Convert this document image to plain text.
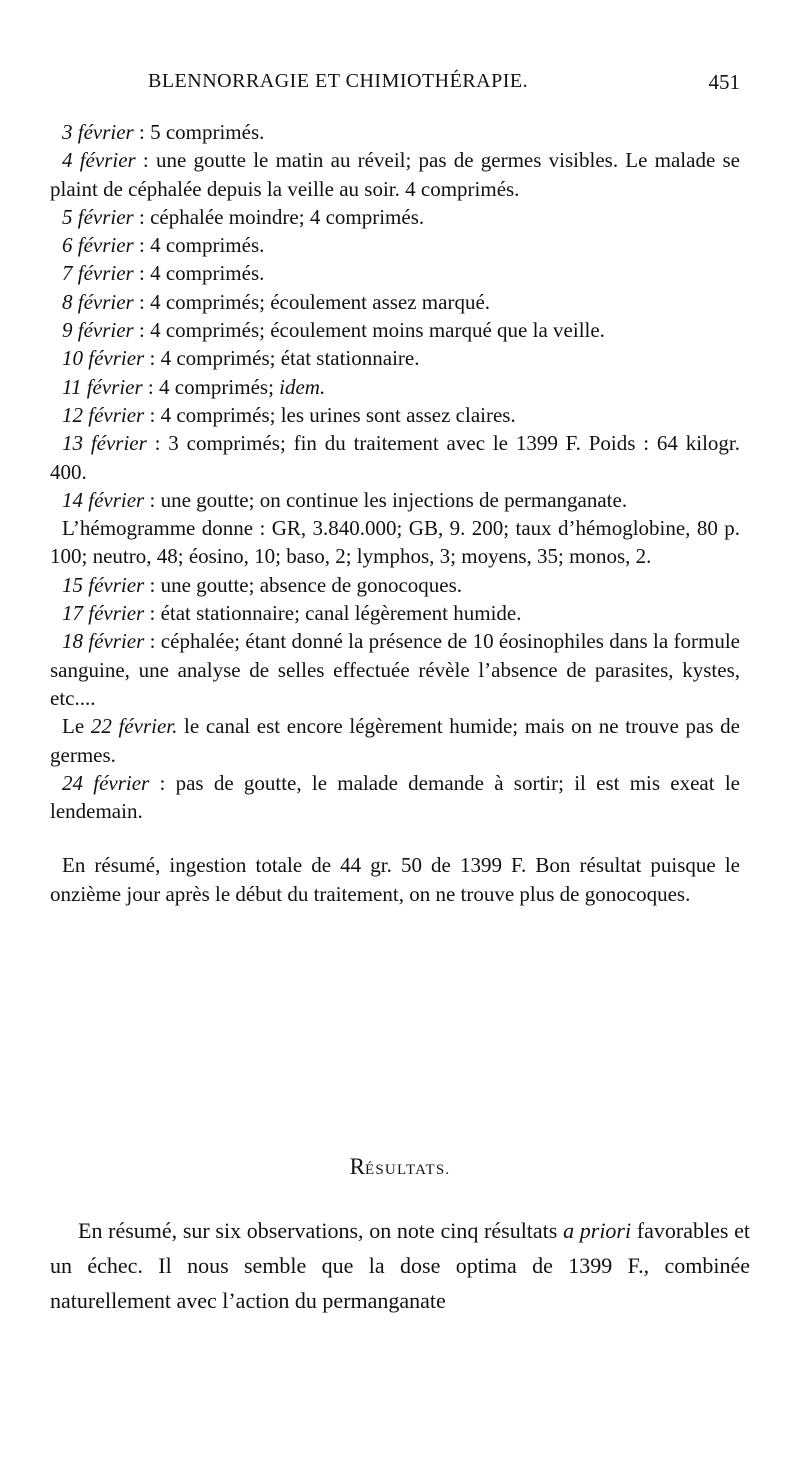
BLENNORRAGIE ET CHIMIOTHÉRAPIE.	451

3 février : 5 comprimés.

4 février : une goutte le matin au réveil; pas de germes visibles. Le malade se plaint de céphalée depuis la veille au soir. 4 comprimés.

5 février : céphalée moindre; 4 comprimés.

6 février : 4 comprimés.

7 février : 4 comprimés.

8 février : 4 comprimés; écoulement assez marqué.

9 février : 4 comprimés; écoulement moins marqué que la veille.

10 février : 4 comprimés; état stationnaire.

11 février : 4 comprimés; idem.

12 février : 4 comprimés; les urines sont assez claires.

13 février : 3 comprimés; fin du traitement avec le 1399 F. Poids : 64 kilogr. 400.

14 février : une goutte; on continue les injections de permanganate.

L’hémogramme donne : GR, 3.840.000; GB, 9. 200; taux d’hémoglobine, 80 p. 100; neutro, 48; éosino, 10; baso, 2; lymphos, 3; moyens, 35; monos, 2.

15 février : une goutte; absence de gonocoques.

17 février : état stationnaire; canal légèrement humide.

18 février : céphalée; étant donné la présence de 10 éosinophiles dans la formule sanguine, une analyse de selles effectuée révèle l’absence de parasites, kystes, etc....

Le 22 février. le canal est encore légèrement humide; mais on ne trouve pas de germes.

24 février : pas de goutte, le malade demande à sortir; il est mis exeat le lendemain.

En résumé, ingestion totale de 44 gr. 50 de 1399 F. Bon résultat puisque le onzième jour après le début du traitement, on ne trouve plus de gonocoques.

RÉSULTATS.

En résumé, sur six observations, on note cinq résultats a priori favorables et un échec. Il nous semble que la dose optima de 1399 F., combinée naturellement avec l’action du permanganate
